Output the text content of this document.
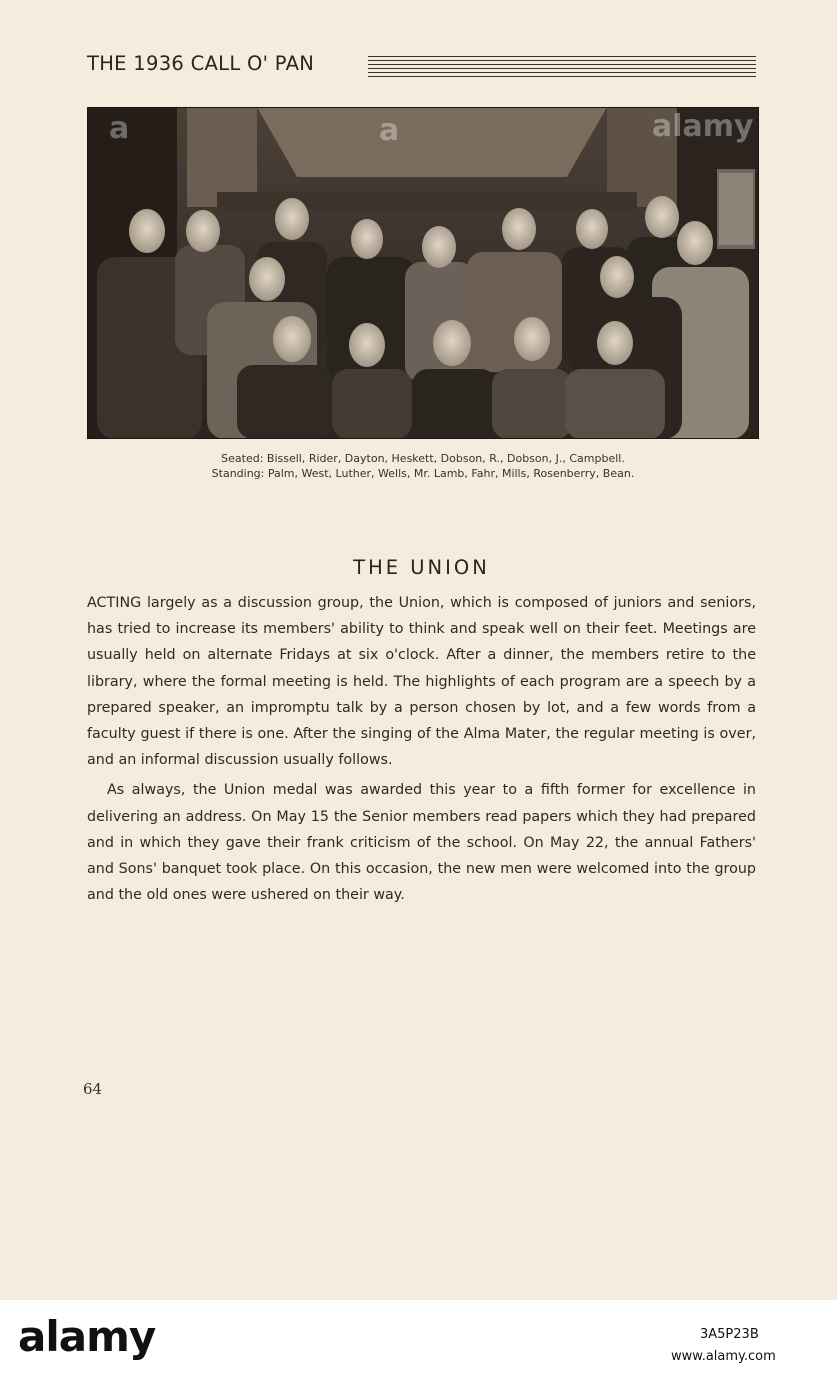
THE 1936 CALL O' PAN
a	a	alamy

Seated: Bissell, Rider, Dayton, Heskett, Dobson, R., Dobson, J., Campbell.

Standing: Palm, West, Luther, Wells, Mr. Lamb, Fahr, Mills, Rosenberry, Bean.

THE UNION

ACTING largely as a discussion group, the Union, which is composed of juniors and seniors, has tried to increase its members' ability to think and speak well on their feet. Meetings are usually held on alternate Fridays at six o'clock. After a dinner, the members retire to the library, where the formal meeting is held. The highlights of each program are a speech by a prepared speaker, an impromptu talk by a person chosen by lot, and a few words from a faculty guest if there is one. After the singing of the Alma Mater, the regular meeting is over, and an informal discussion usually follows.

As always, the Union medal was awarded this year to a fifth former for excellence in delivering an address. On May 15 the Senior members read papers which they had prepared and in which they gave their frank criticism of the school. On May 22, the annual Fathers' and Sons' banquet took place. On this occasion, the new men were welcomed into the group and the old ones were ushered on their way.

64

alamy	3A5P23B

www.alamy.com
